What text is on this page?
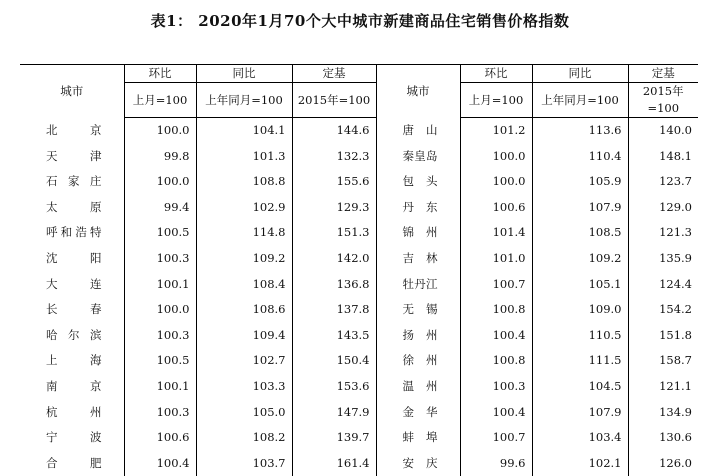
表1： 2020年1月70个大中城市新建商品住宅销售价格指数
城市	环比	同比	定基	城市	环比	同比	定基
	上月=100	上年同月=100	2015年=100		上月=100	上年同月=100	2015年=100
北京	100.0	104.1	144.6	唐山	101.2	113.6	140.0
天津	99.8	101.3	132.3	秦皇岛	100.0	110.4	148.1
石家庄	100.0	108.8	155.6	包头	100.0	105.9	123.7
太原	99.4	102.9	129.3	丹东	100.6	107.9	129.0
呼和浩特	100.5	114.8	151.3	锦州	101.4	108.5	121.3
沈阳	100.3	109.2	142.0	吉林	101.0	109.2	135.9
大连	100.1	108.4	136.8	牡丹江	100.7	105.1	124.4
长春	100.0	108.6	137.8	无锡	100.8	109.0	154.2
哈尔滨	100.3	109.4	143.5	扬州	100.4	110.5	151.8
上海	100.5	102.7	150.4	徐州	100.8	111.5	158.7
南京	100.1	103.3	153.6	温州	100.3	104.5	121.1
杭州	100.3	105.0	147.9	金华	100.4	107.9	134.9
宁波	100.6	108.2	139.7	蚌埠	100.7	103.4	130.6
合肥	100.4	103.7	161.4	安庆	99.6	102.1	126.0
